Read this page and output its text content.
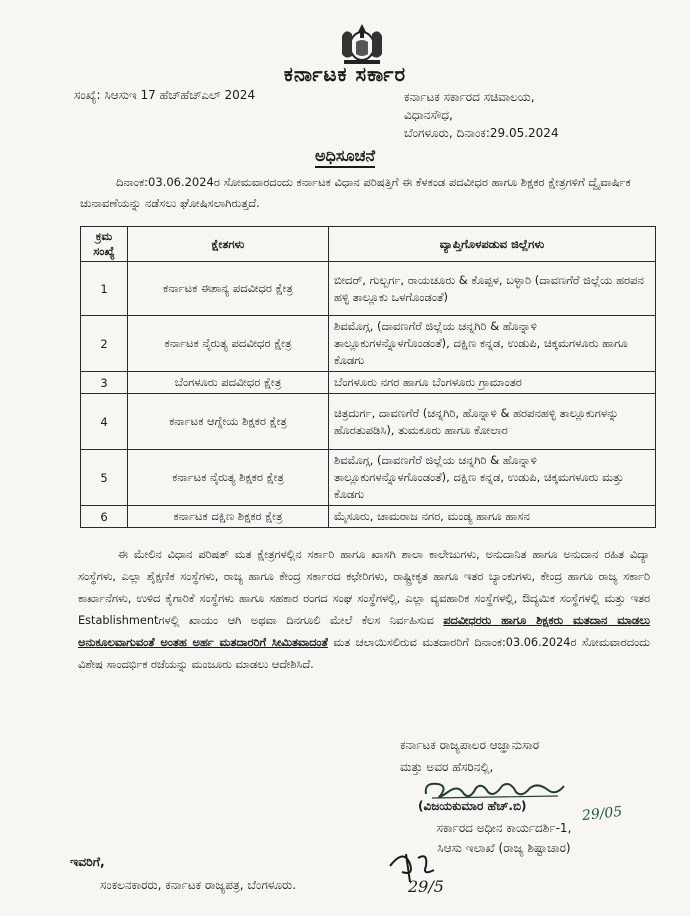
ಕರ್ನಾಟಕ ಸರ್ಕಾರ
ಸಂಖ್ಯೆ: ಸಿಆಸುಇ 17 ಹೆಚ್‌ಹೆಚ್‌ಎಲ್ 2024	ಕರ್ನಾಟಕ ಸರ್ಕಾರದ ಸಚಿವಾಲಯ,
ವಿಧಾನಸೌಧ,
ಬೆಂಗಳೂರು, ದಿನಾಂಕ:29.05.2024
ಅಧಿಸೂಚನೆ
ದಿನಾಂಕ:03.06.2024ರ ಸೋಮವಾರದಂದು ಕರ್ನಾಟಕ ವಿಧಾನ ಪರಿಷತ್ತಿಗೆ ಈ ಕೆಳಕಂಡ ಪದವೀಧರ ಹಾಗೂ ಶಿಕ್ಷಕರ ಕ್ಷೇತ್ರಗಳಿಗೆ ದ್ವೈವಾರ್ಷಿಕ ಚುನಾವಣೆಯನ್ನು ನಡೆಸಲು ಘೋಷಿಸಲಾಗಿರುತ್ತದೆ.
ಕ್ರಮ ಸಂಖ್ಯೆ	ಕ್ಷೇತಗಳು	ವ್ಯಾಪ್ತಿಗೊಳಪಡುವ ಜಿಲ್ಲೆಗಳು
1	ಕರ್ನಾಟಕ ಈಶಾನ್ಯ ಪದವೀಧರ ಕ್ಷೇತ್ರ	ಬೀದರ್, ಗುಲ್ಬರ್ಗ, ರಾಯಚೂರು & ಕೊಪ್ಪಳ, ಬಳ್ಳಾರಿ (ದಾವಣಗೆರೆ ಜಿಲ್ಲೆಯ ಹರಪನ ಹಳ್ಳಿ ತಾಲ್ಲೂಕು ಒಳಗೊಂಡಂತೆ)
2	ಕರ್ನಾಟಕ ನೈರುತ್ಯ ಪದವೀಧರ ಕ್ಷೇತ್ರ	ಶಿವಮೊಗ್ಗ, (ದಾವಣಗೆರೆ ಜಿಲ್ಲೆಯ ಚನ್ನಗಿರಿ & ಹೊನ್ನಾಳಿ ತಾಲ್ಲೂಕುಗಳನ್ನೊಳಗೊಂಡಂತೆ), ದಕ್ಷಿಣ ಕನ್ನಡ, ಉಡುಪಿ, ಚಿಕ್ಕಮಗಳೂರು ಹಾಗೂ ಕೊಡಗು
3	ಬೆಂಗಳೂರು ಪದವೀಧರ ಕ್ಷೇತ್ರ	ಬೆಂಗಳೂರು ನಗರ ಹಾಗೂ ಬೆಂಗಳೂರು ಗ್ರಾಮಾಂತರ
4	ಕರ್ನಾಟಕ ಆಗ್ನೇಯ ಶಿಕ್ಷಕರ ಕ್ಷೇತ್ರ	ಚಿತ್ರದುರ್ಗ, ದಾವಣಗೆರೆ (ಚನ್ನಗಿರಿ, ಹೊನ್ನಾಳಿ & ಹರಪನಹಳ್ಳಿ ತಾಲ್ಲೂಕುಗಳನ್ನು ಹೊರತುಪಡಿಸಿ), ತುಮಕೂರು ಹಾಗೂ ಕೋಲಾರ
5	ಕರ್ನಾಟಕ ನೈರುತ್ಯ ಶಿಕ್ಷಕರ ಕ್ಷೇತ್ರ	ಶಿವಮೊಗ್ಗ, (ದಾವಣಗೆರೆ ಜಿಲ್ಲೆಯ ಚನ್ನಗಿರಿ & ಹೊನ್ನಾಳಿ ತಾಲ್ಲೂಕುಗಳನ್ನೊಳಗೊಂಡಂತೆ), ದಕ್ಷಿಣ ಕನ್ನಡ, ಉಡುಪಿ, ಚಿಕ್ಕಮಗಳೂರು ಮತ್ತು ಕೊಡಗು
6	ಕರ್ನಾಟಕ ದಕ್ಷಿಣ ಶಿಕ್ಷಕರ ಕ್ಷೇತ್ರ	ಮೈಸೂರು, ಚಾಮರಾಜ ನಗರ, ಮಂಡ್ಯ ಹಾಗೂ ಹಾಸನ
ಈ ಮೇಲಿನ ವಿಧಾನ ಪರಿಷತ್ ಮತ ಕ್ಷೇತ್ರಗಳಲ್ಲಿನ ಸರ್ಕಾರಿ ಹಾಗೂ ಖಾಸಗಿ ಶಾಲಾ ಕಾಲೇಜುಗಳು, ಅನುದಾನಿತ ಹಾಗೂ ಅನುದಾನ ರಹಿತ ವಿದ್ಯಾ ಸಂಸ್ಥೆಗಳು, ಎಲ್ಲಾ ಶೈಕ್ಷಣಿಕ ಸಂಸ್ಥೆಗಳು, ರಾಜ್ಯ ಹಾಗೂ ಕೇಂದ್ರ ಸರ್ಕಾರದ ಕಛೇರಿಗಳು, ರಾಷ್ಟ್ರೀಕೃತ ಹಾಗೂ ಇತರ ಬ್ಯಾಂಕುಗಳು, ಕೇಂದ್ರ ಹಾಗೂ ರಾಜ್ಯ ಸರ್ಕಾರಿ ಕಾರ್ಖಾನೆಗಳು, ಉಳಿದ ಕೈಗಾರಿಕೆ ಸಂಸ್ಥೆಗಳು ಹಾಗೂ ಸಹಕಾರ ರಂಗದ ಸಂಘ ಸಂಸ್ಥೆಗಳಲ್ಲಿ, ಎಲ್ಲಾ ವ್ಯವಹಾರಿಕ ಸಂಸ್ಥೆಗಳಲ್ಲಿ, ಔದ್ಯಮಿಕ ಸಂಸ್ಥೆಗಳಲ್ಲಿ ಮತ್ತು ಇತರ Establishmentಗಳಲ್ಲಿ ಖಾಯಂ ಆಗಿ ಅಥವಾ ದಿನಗೂಲಿ ಮೇಲೆ ಕೆಲಸ ನಿರ್ವಹಿಸುವ ಪದವೀಧರರು ಹಾಗೂ ಶಿಕ್ಷಕರು ಮತದಾನ ಮಾಡಲು ಅನುಕೂಲವಾಗುವಂತೆ ಅಂತಹ ಅರ್ಹ ಮತದಾರರಿಗೆ ಸೀಮಿತವಾದಂತೆ ಮತ ಚಲಾಯಿಸಲಿರುವ ಮತದಾರರಿಗೆ ದಿನಾಂಕ:03.06.2024ರ ಸೋಮವಾರದಂದು ವಿಶೇಷ ಸಾಂದರ್ಭಿಕ ರಜೆಯನ್ನು ಮಂಜೂರು ಮಾಡಲು ಆದೇಶಿಸಿದೆ.
ಕರ್ನಾಟಕ ರಾಜ್ಯಪಾಲರ ಆಜ್ಞಾನುಸಾರ
ಮತ್ತು ಅವರ ಹೆಸರಿನಲ್ಲಿ,
(ವಿಜಯಕುಮಾರ ಹೆಚ್.ಬಿ)	29/05
ಸರ್ಕಾರದ ಅಧೀನ ಕಾರ್ಯದರ್ಶಿ-1,
ಸಿಆಸು ಇಲಾಖೆ (ರಾಜ್ಯ ಶಿಷ್ಟಾಚಾರ)
ಇವರಿಗೆ,
ಸಂಕಲನಕಾರರು, ಕರ್ನಾಟಕ ರಾಜ್ಯಪತ್ರ, ಬೆಂಗಳೂರು.	29/5
